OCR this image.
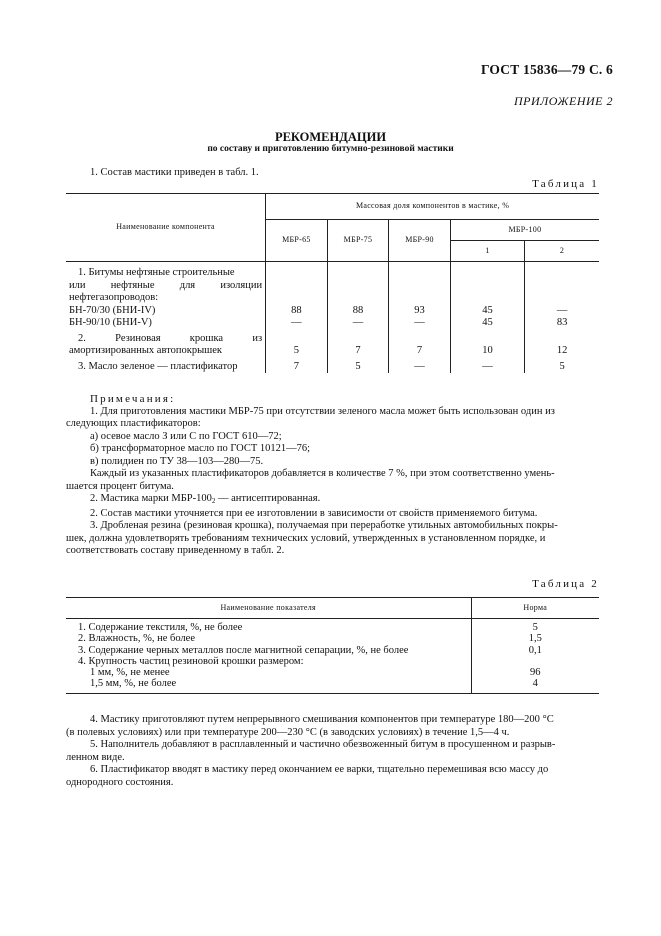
ГОСТ 15836—79 С. 6
ПРИЛОЖЕНИЕ 2
РЕКОМЕНДАЦИИ
по составу и приготовлению битумно-резиновой мастики
1. Состав мастики приведен в табл. 1.
Таблица 1
Наименование компонента	Массовая доля компонентов в мастике, %				
	МБР-65	МБР-75	МБР-90	МБР-100	
				1	2

1. Битумы нефтяные строительные
или нефтяные для изоляции
нефтегазопроводов:					

БН-70/30 (БНИ-IV)	88	88	93	45	—
БН-90/10 (БНИ-V)	—	—	—	45	83

2. Резиновая крошка из
амортизированных автопокрышек	5	7	7	10	12
3. Масло зеленое — пластификатор	7	5	—	—	5
Примечания:
1. Для приготовления мастики МБР-75 при отсутствии зеленого масла может быть использован один из
следующих пластификаторов:
а) осевое масло З или С по ГОСТ 610—72;
б) трансформаторное масло по ГОСТ 10121—76;
в) полидиен по ТУ 38—103—280—75.
Каждый из указанных пластификаторов добавляется в количестве 7 %, при этом соответственно умень-
шается процент битума.
2. Мастика марки МБР-$100_2$ — антисептированная.
2. Состав мастики уточняется при ее изготовлении в зависимости от свойств применяемого битума.
3. Дробленая резина (резиновая крошка), получаемая при переработке утильных автомобильных покры-
шек, должна удовлетворять требованиям технических условий, утвержденных в установленном порядке, и
соответствовать составу приведенному в табл. 2.
Таблица 2
Наименование показателя	Норма
1. Содержание текстиля, %, не более	5
2. Влажность, %, не более	1,5
3. Содержание черных металлов после магнитной сепарации, %, не более	0,1
4. Крупность частиц резиновой крошки размером:	
1 мм, %, не менее	96
1,5 мм, %, не более	4
4. Мастику приготовляют путем непрерывного смешивания компонентов при температуре 180—200 °С
(в полевых условиях) или при температуре 200—230 °С (в заводских условиях) в течение 1,5—4 ч.
5. Наполнитель добавляют в расплавленный и частично обезвоженный битум в просушенном и разрыв-
ленном виде.
6. Пластификатор вводят в мастику перед окончанием ее варки, тщательно перемешивая всю массу до
однородного состояния.
